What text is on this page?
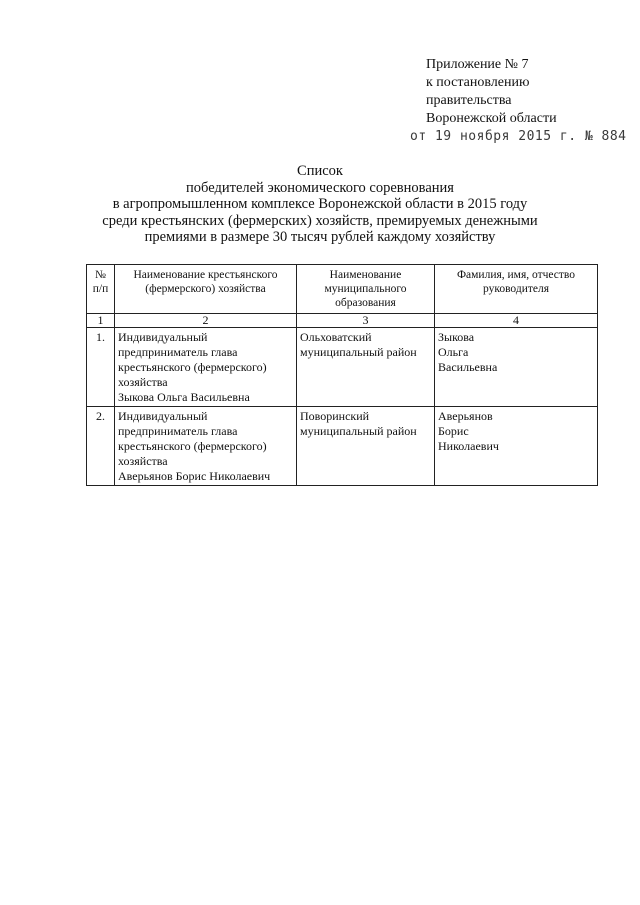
Приложение № 7
к постановлению
правительства
Воронежской области
от 19 ноября 2015 г. № 884
Список
победителей экономического соревнования
в агропромышленном комплексе Воронежской области в 2015 году
среди крестьянских (фермерских) хозяйств, премируемых денежными
премиями в размере 30 тысяч рублей каждому хозяйству
№ п/п	Наименование крестьянского (фермерского) хозяйства	Наименование муниципального образования	Фамилия, имя, отчество руководителя
1	2	3	4
1.	Индивидуальный
предприниматель глава
крестьянского (фермерского)
хозяйства
Зыкова Ольга Васильевна	Ольховатский муниципальный район	Зыкова
Ольга
Васильевна

2.	Индивидуальный
предприниматель глава
крестьянского (фермерского)
хозяйства
Аверьянов Борис Николаевич	Поворинский муниципальный район	Аверьянов
Борис
Николаевич
